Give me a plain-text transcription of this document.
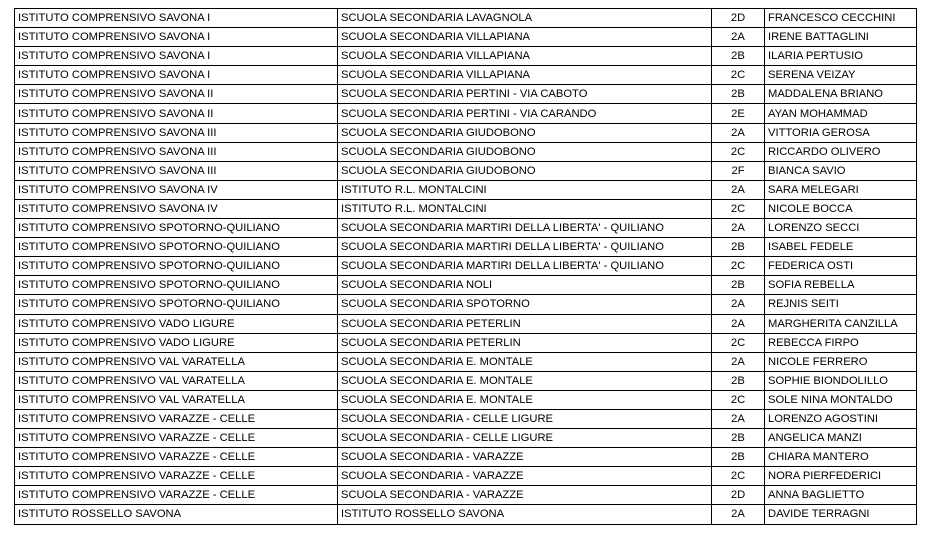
ISTITUTO COMPRENSIVO SAVONA I	SCUOLA SECONDARIA LAVAGNOLA	2D	FRANCESCO CECCHINI
ISTITUTO COMPRENSIVO SAVONA I	SCUOLA SECONDARIA VILLAPIANA	2A	IRENE BATTAGLINI
ISTITUTO COMPRENSIVO SAVONA I	SCUOLA SECONDARIA VILLAPIANA	2B	ILARIA PERTUSIO
ISTITUTO COMPRENSIVO SAVONA I	SCUOLA SECONDARIA VILLAPIANA	2C	SERENA VEIZAY
ISTITUTO COMPRENSIVO SAVONA II	SCUOLA SECONDARIA PERTINI - VIA CABOTO	2B	MADDALENA BRIANO
ISTITUTO COMPRENSIVO SAVONA II	SCUOLA SECONDARIA PERTINI - VIA CARANDO	2E	AYAN MOHAMMAD
ISTITUTO COMPRENSIVO SAVONA III	SCUOLA SECONDARIA GIUDOBONO	2A	VITTORIA GEROSA
ISTITUTO COMPRENSIVO SAVONA III	SCUOLA SECONDARIA GIUDOBONO	2C	RICCARDO OLIVERO
ISTITUTO COMPRENSIVO SAVONA III	SCUOLA SECONDARIA GIUDOBONO	2F	BIANCA SAVIO
ISTITUTO COMPRENSIVO SAVONA IV	ISTITUTO R.L. MONTALCINI	2A	SARA MELEGARI
ISTITUTO COMPRENSIVO SAVONA IV	ISTITUTO R.L. MONTALCINI	2C	NICOLE BOCCA
ISTITUTO COMPRENSIVO SPOTORNO-QUILIANO	SCUOLA SECONDARIA MARTIRI DELLA LIBERTA' - QUILIANO	2A	LORENZO SECCI
ISTITUTO COMPRENSIVO SPOTORNO-QUILIANO	SCUOLA SECONDARIA MARTIRI DELLA LIBERTA' - QUILIANO	2B	ISABEL FEDELE
ISTITUTO COMPRENSIVO SPOTORNO-QUILIANO	SCUOLA SECONDARIA MARTIRI DELLA LIBERTA' - QUILIANO	2C	FEDERICA OSTI
ISTITUTO COMPRENSIVO SPOTORNO-QUILIANO	SCUOLA SECONDARIA NOLI	2B	SOFIA REBELLA
ISTITUTO COMPRENSIVO SPOTORNO-QUILIANO	SCUOLA SECONDARIA SPOTORNO	2A	REJNIS SEITI
ISTITUTO COMPRENSIVO VADO LIGURE	SCUOLA SECONDARIA PETERLIN	2A	MARGHERITA CANZILLA
ISTITUTO COMPRENSIVO VADO LIGURE	SCUOLA SECONDARIA PETERLIN	2C	REBECCA FIRPO
ISTITUTO COMPRENSIVO VAL VARATELLA	SCUOLA SECONDARIA E. MONTALE	2A	NICOLE FERRERO
ISTITUTO COMPRENSIVO VAL VARATELLA	SCUOLA SECONDARIA E. MONTALE	2B	SOPHIE BIONDOLILLO
ISTITUTO COMPRENSIVO VAL VARATELLA	SCUOLA SECONDARIA E. MONTALE	2C	SOLE NINA MONTALDO
ISTITUTO COMPRENSIVO VARAZZE - CELLE	SCUOLA SECONDARIA - CELLE LIGURE	2A	LORENZO AGOSTINI
ISTITUTO COMPRENSIVO VARAZZE - CELLE	SCUOLA SECONDARIA - CELLE LIGURE	2B	ANGELICA MANZI
ISTITUTO COMPRENSIVO VARAZZE - CELLE	SCUOLA SECONDARIA - VARAZZE	2B	CHIARA MANTERO
ISTITUTO COMPRENSIVO VARAZZE - CELLE	SCUOLA SECONDARIA - VARAZZE	2C	NORA PIERFEDERICI
ISTITUTO COMPRENSIVO VARAZZE - CELLE	SCUOLA SECONDARIA - VARAZZE	2D	ANNA BAGLIETTO
ISTITUTO ROSSELLO SAVONA	ISTITUTO ROSSELLO SAVONA	2A	DAVIDE TERRAGNI
